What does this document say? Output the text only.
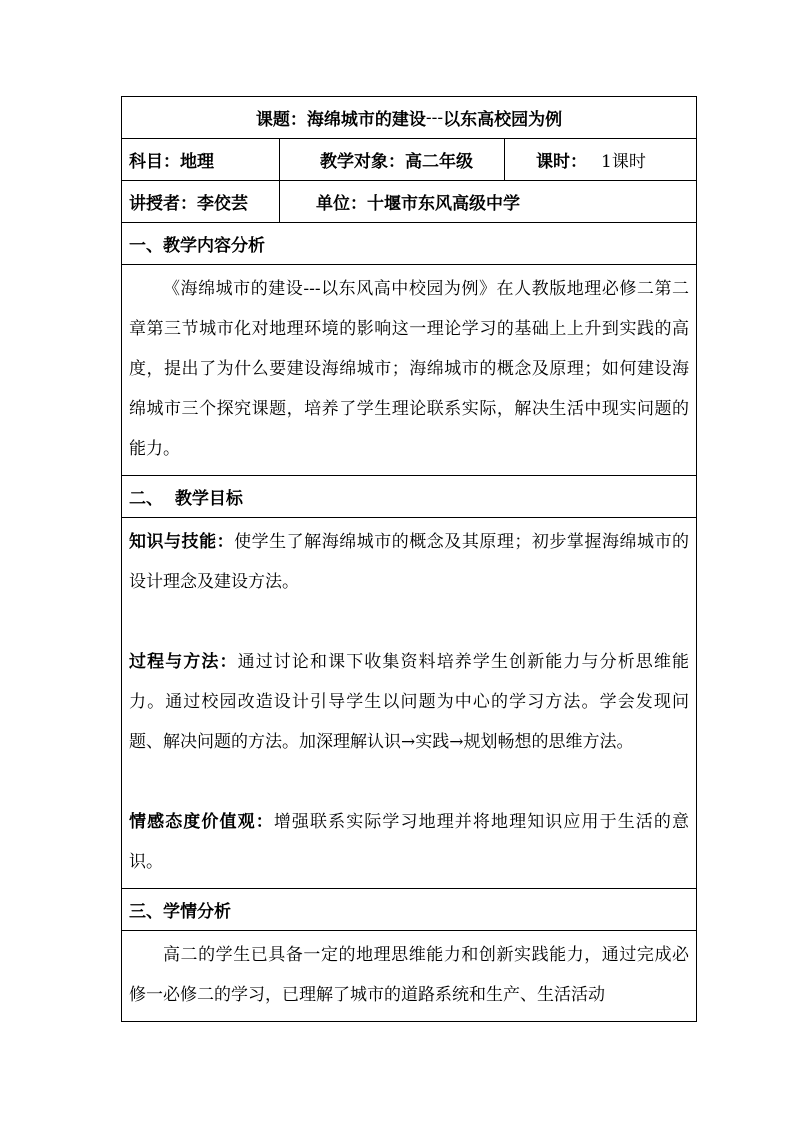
课题： 海绵城市的建设 --- 以东高校园为例
科目： 地理	教学对象： 高二年级	课时： 1课时
讲授者： 李佼芸	单位： 十堰市东风高级中学
一、教学内容分析
《海绵城市的建设---以东风高中校园为例》在人教版地理必修二第二章第三节城市化对地理环境的影响这一理论学习的基础上上升到实践的高度，提出了为什么要建设海绵城市；海绵城市的概念及原理；如何建设海绵城市三个探究课题，培养了学生理论联系实际，解决生活中现实问题的能力。
二、  教学目标
知识与技能：使学生了解海绵城市的概念及其原理；初步掌握海绵城市的设计理念及建设方法。
过程与方法：通过讨论和课下收集资料培养学生创新能力与分析思维能力。通过校园改造设计引导学生以问题为中心的学习方法。学会发现问题、解决问题的方法。加深理解认识→实践→规划畅想的思维方法。
情感态度价值观：增强联系实际学习地理并将地理知识应用于生活的意识。
三、学情分析
高二的学生已具备一定的地理思维能力和创新实践能力，通过完成必修一必修二的学习，已理解了城市的道路系统和生产、生活活动
